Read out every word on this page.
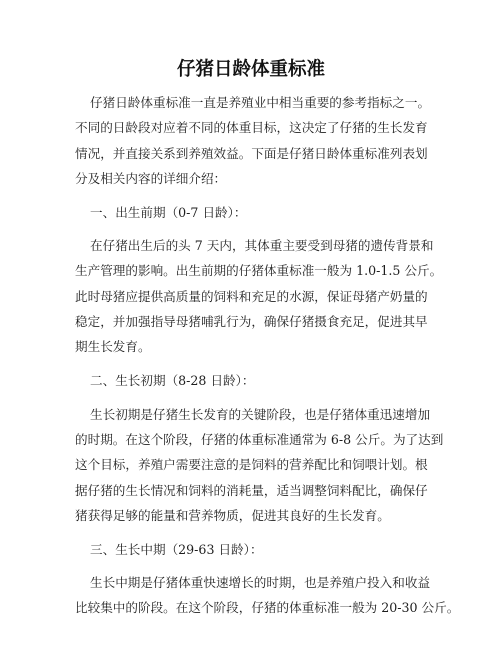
仔猪日龄体重标准
仔猪日龄体重标准一直是养殖业中相当重要的参考指标之一。
不同的日龄段对应着不同的体重目标，这决定了仔猪的生长发育
情况，并直接关系到养殖效益。下面是仔猪日龄体重标准列表划
分及相关内容的详细介绍：
一、出生前期（0-7 日龄）：
在仔猪出生后的头 7 天内，其体重主要受到母猪的遗传背景和
生产管理的影响。出生前期的仔猪体重标准一般为 1.0-1.5 公斤。
此时母猪应提供高质量的饲料和充足的水源，保证母猪产奶量的
稳定，并加强指导母猪哺乳行为，确保仔猪摄食充足，促进其早
期生长发育。
二、生长初期（8-28 日龄）：
生长初期是仔猪生长发育的关键阶段，也是仔猪体重迅速增加
的时期。在这个阶段，仔猪的体重标准通常为 6-8 公斤。为了达到
这个目标，养殖户需要注意的是饲料的营养配比和饲喂计划。根
据仔猪的生长情况和饲料的消耗量，适当调整饲料配比，确保仔
猪获得足够的能量和营养物质，促进其良好的生长发育。
三、生长中期（29-63 日龄）：
生长中期是仔猪体重快速增长的时期，也是养殖户投入和收益
比较集中的阶段。在这个阶段，仔猪的体重标准一般为 20-30 公斤。
